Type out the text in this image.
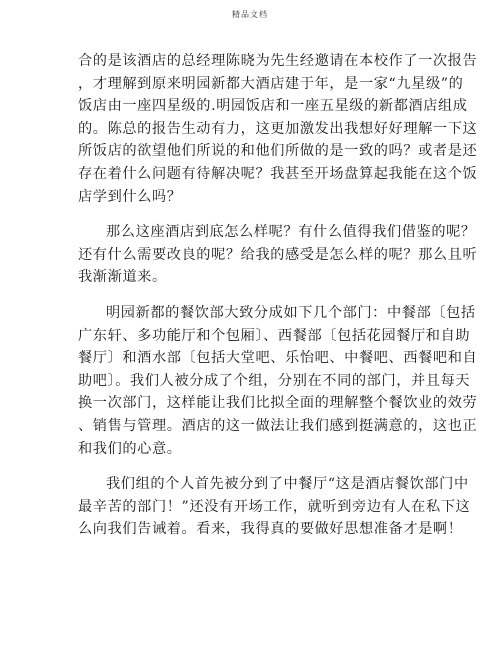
精品文档
合的是该酒店的总经理陈晓为先生经邀请在本校作了一次报告
，才理解到原来明园新都大酒店建于年，是一家“九星级”的
饭店由一座四星级的.明园饭店和一座五星级的新都酒店组成
的。陈总的报告生动有力，这更加激发出我想好好理解一下这
所饭店的欲望他们所说的和他们所做的是一致的吗？或者是还
存在着什么问题有待解决呢？我甚至开场盘算起我能在这个饭
店学到什么吗？
那么这座酒店到底怎么样呢？有什么值得我们借鉴的呢？
还有什么需要改良的呢？给我的感受是怎么样的呢？那么且听
我渐渐道来。
明园新都的餐饮部大致分成如下几个部门：中餐部〔包括
广东轩、多功能厅和个包厢〕、西餐部〔包括花园餐厅和自助
餐厅〕和酒水部〔包括大堂吧、乐怡吧、中餐吧、西餐吧和自
助吧〕。我们人被分成了个组，分别在不同的部门，并且每天
换一次部门，这样能让我们比拟全面的理解整个餐饮业的效劳
、销售与管理。酒店的这一做法让我们感到挺满意的，这也正
和我们的心意。
我们组的个人首先被分到了中餐厅“这是酒店餐饮部门中
最辛苦的部门！”还没有开场工作，就听到旁边有人在私下这
么向我们告诫着。看来，我得真的要做好思想准备才是啊！
